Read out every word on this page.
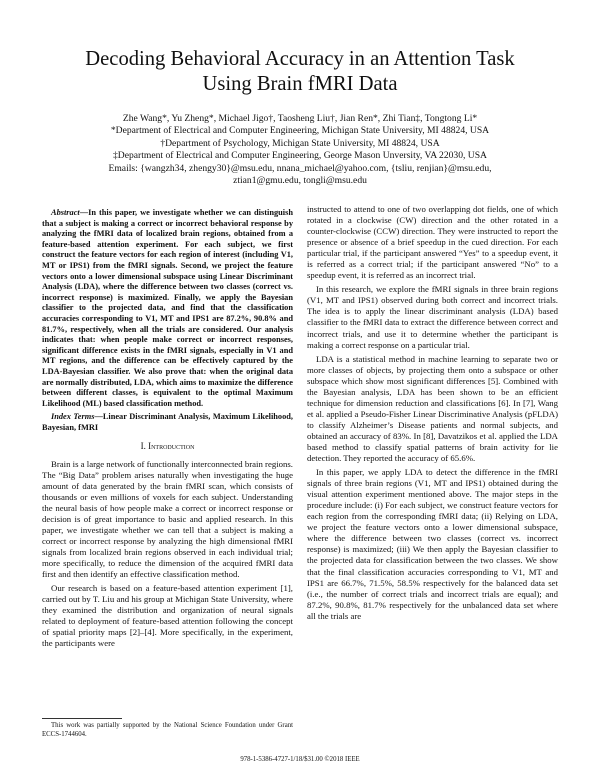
Decoding Behavioral Accuracy in an Attention Task
Using Brain fMRI Data
Zhe Wang*, Yu Zheng*, Michael Jigo†, Taosheng Liu†, Jian Ren*, Zhi Tian‡, Tongtong Li*
*Department of Electrical and Computer Engineering, Michigan State University, MI 48824, USA
†Department of Psychology, Michigan State University, MI 48824, USA
‡Department of Electrical and Computer Engineering, George Mason Unversity, VA 22030, USA
Emails: {wangzh34, zhengy30}@msu.edu, nnana_michael@yahoo.com, {tsliu, renjian}@msu.edu,
ztian1@gmu.edu, tongli@msu.edu

Abstract—In this paper, we investigate whether we can distinguish that a subject is making a correct or incorrect behavioral response by analyzing the fMRI data of localized brain regions, obtained from a feature-based attention experiment. For each subject, we first construct the feature vectors for each region of interest (including V1, MT or IPS1) from the fMRI signals. Second, we project the feature vectors onto a lower dimensional subspace using Linear Discriminant Analysis (LDA), where the difference between two classes (correct vs. incorrect response) is maximized. Finally, we apply the Bayesian classifier to the projected data, and find that the classification accuracies corresponding to V1, MT and IPS1 are 87.2%, 90.8% and 81.7%, respectively, when all the trials are considered. Our analysis indicates that: when people make correct or incorrect responses, significant difference exists in the fMRI signals, especially in V1 and MT regions, and the difference can be effectively captured by the LDA-Bayesian classifier. We also prove that: when the original data are normally distributed, LDA, which aims to maximize the difference between different classes, is equivalent to the optimal Maximum Likelihood (ML) based classification method.

Index Terms—Linear Discriminant Analysis, Maximum Likelihood, Bayesian, fMRI

I. Introduction

Brain is a large network of functionally interconnected brain regions. The “Big Data” problem arises naturally when investigating the huge amount of data generated by the brain fMRI scan, which consists of thousands or even millions of voxels for each subject. Understanding the neural basis of how people make a correct or incorrect response or decision is of great importance to basic and applied research. In this paper, we investigate whether we can tell that a subject is making a correct or incorrect response by analyzing the high dimensional fMRI signals from localized brain regions observed in each individual trial; more specifically, to reduce the dimension of the acquired fMRI data first and then identify an effective classification method.

Our research is based on a feature-based attention experiment [1], carried out by T. Liu and his group at Michigan State University, where they examined the distribution and organization of neural signals related to deployment of feature-based attention following the concept of spatial priority maps [2]–[4]. More specifically, in the experiment, the participants were

instructed to attend to one of two overlapping dot fields, one of which rotated in a clockwise (CW) direction and the other rotated in a counter-clockwise (CCW) direction. They were instructed to report the presence or absence of a brief speedup in the cued direction. For each particular trial, if the participant answered “Yes” to a speedup event, it is referred as a correct trial; if the participant answered “No” to a speedup event, it is referred as an incorrect trial.

In this research, we explore the fMRI signals in three brain regions (V1, MT and IPS1) observed during both correct and incorrect trials. The idea is to apply the linear discriminant analysis (LDA) based classifier to the fMRI data to extract the difference between correct and incorrect trials, and use it to determine whether the participant is making a correct response on a particular trial.

LDA is a statistical method in machine learning to separate two or more classes of objects, by projecting them onto a subspace or other subspace which show most significant differences [5]. Combined with the Bayesian analysis, LDA has been shown to be an efficient technique for dimension reduction and classifications [6]. In [7], Wang et al. applied a Pseudo-Fisher Linear Discriminative Analysis (pFLDA) to classify Alzheimer’s Disease patients and normal subjects, and obtained an accuracy of 83%. In [8], Davatzikos et al. applied the LDA based method to classify spatial patterns of brain activity for lie detection. They reported the accuracy of 65.6%.

In this paper, we apply LDA to detect the difference in the fMRI signals of three brain regions (V1, MT and IPS1) obtained during the visual attention experiment mentioned above. The major steps in the procedure include: (i) For each subject, we construct feature vectors for each region from the corresponding fMRI data; (ii) Relying on LDA, we project the feature vectors onto a lower dimensional subspace, where the difference between two classes (correct vs. incorrect response) is maximized; (iii) We then apply the Bayesian classifier to the projected data for classification between the two classes. We show that the final classification accuracies corresponding to V1, MT and IPS1 are 66.7%, 71.5%, 58.5% respectively for the balanced data set (i.e., the number of correct trials and incorrect trials are equal); and 87.2%, 90.8%, 81.7% respectively for the unbalanced data set where all the trials are

This work was partially supported by the National Science Foundation under Grant ECCS-1744604.
978-1-5386-4727-1/18/$31.00 ©2018 IEEE
